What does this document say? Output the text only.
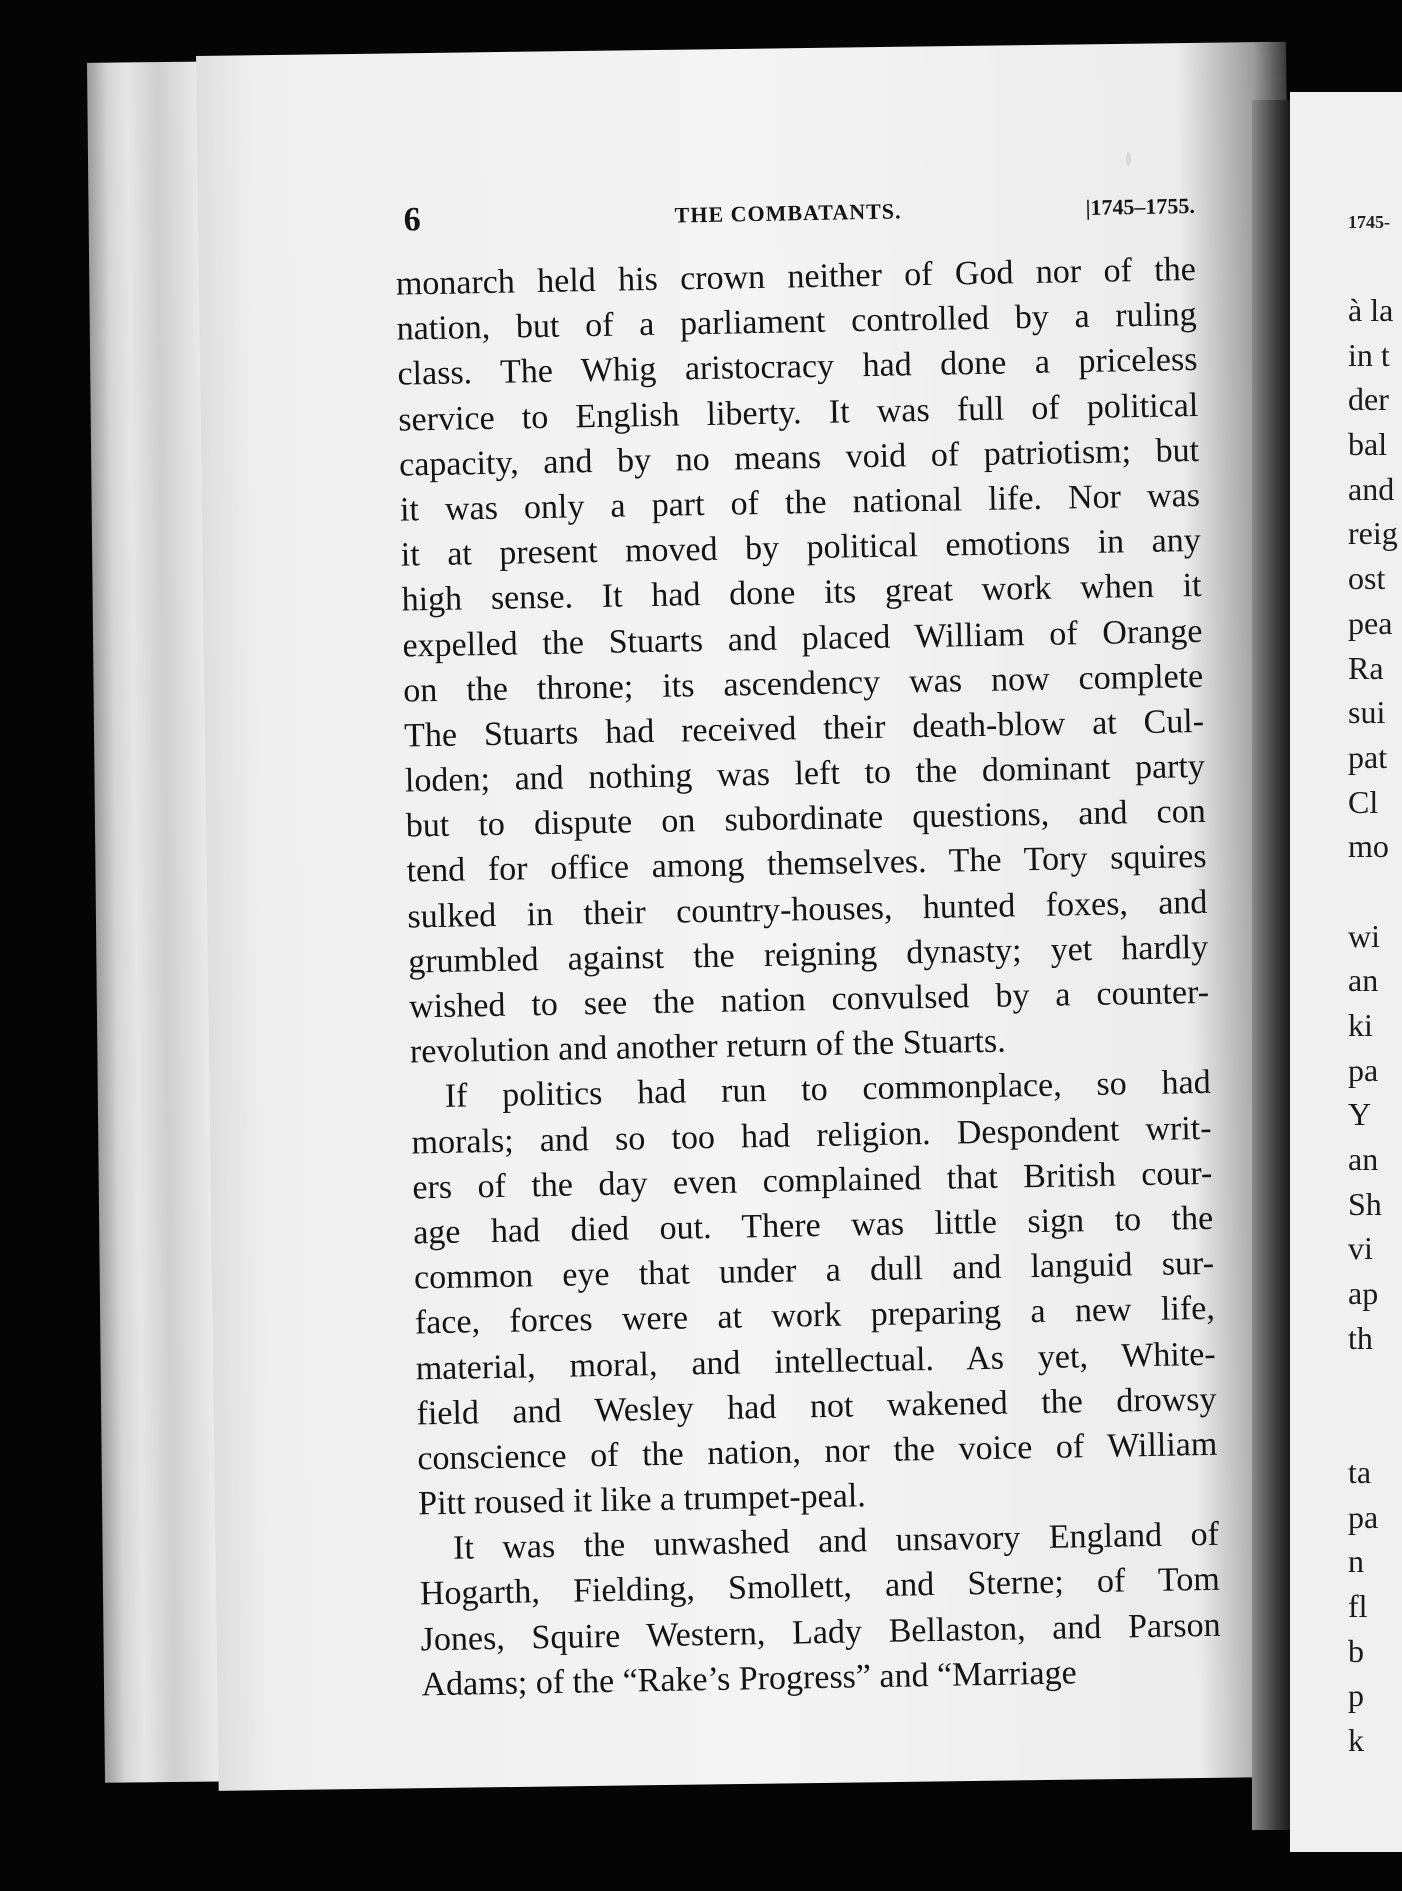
1745-
à la
in t
der
bal
and
reig
ost
pea
Ra
sui
pat
Cl
mo
wi
an
ki
pa
Y
an
Sh
vi
ap
th
ta
pa
n
fl
b
p
k
6	THE COMBATANTS.	|1745–1755.
monarch held his crown neither of God nor of the
nation, but of a parliament controlled by a ruling
class. The Whig aristocracy had done a priceless
service to English liberty. It was full of political
capacity, and by no means void of patriotism; but
it was only a part of the national life. Nor was
it at present moved by political emotions in any
high sense. It had done its great work when it
expelled the Stuarts and placed William of Orange
on the throne; its ascendency was now complete
The Stuarts had received their death-blow at Cul-
loden; and nothing was left to the dominant party
but to dispute on subordinate questions, and con
tend for office among themselves. The Tory squires
sulked in their country-houses, hunted foxes, and
grumbled against the reigning dynasty; yet hardly
wished to see the nation convulsed by a counter-
revolution and another return of the Stuarts.
If politics had run to commonplace, so had
morals; and so too had religion. Despondent writ-
ers of the day even complained that British cour-
age had died out. There was little sign to the
common eye that under a dull and languid sur-
face, forces were at work preparing a new life,
material, moral, and intellectual. As yet, White-
field and Wesley had not wakened the drowsy
conscience of the nation, nor the voice of William
Pitt roused it like a trumpet-peal.
It was the unwashed and unsavory England of
Hogarth, Fielding, Smollett, and Sterne; of Tom
Jones, Squire Western, Lady Bellaston, and Parson
Adams; of the “Rake’s Progress” and “Marriage
